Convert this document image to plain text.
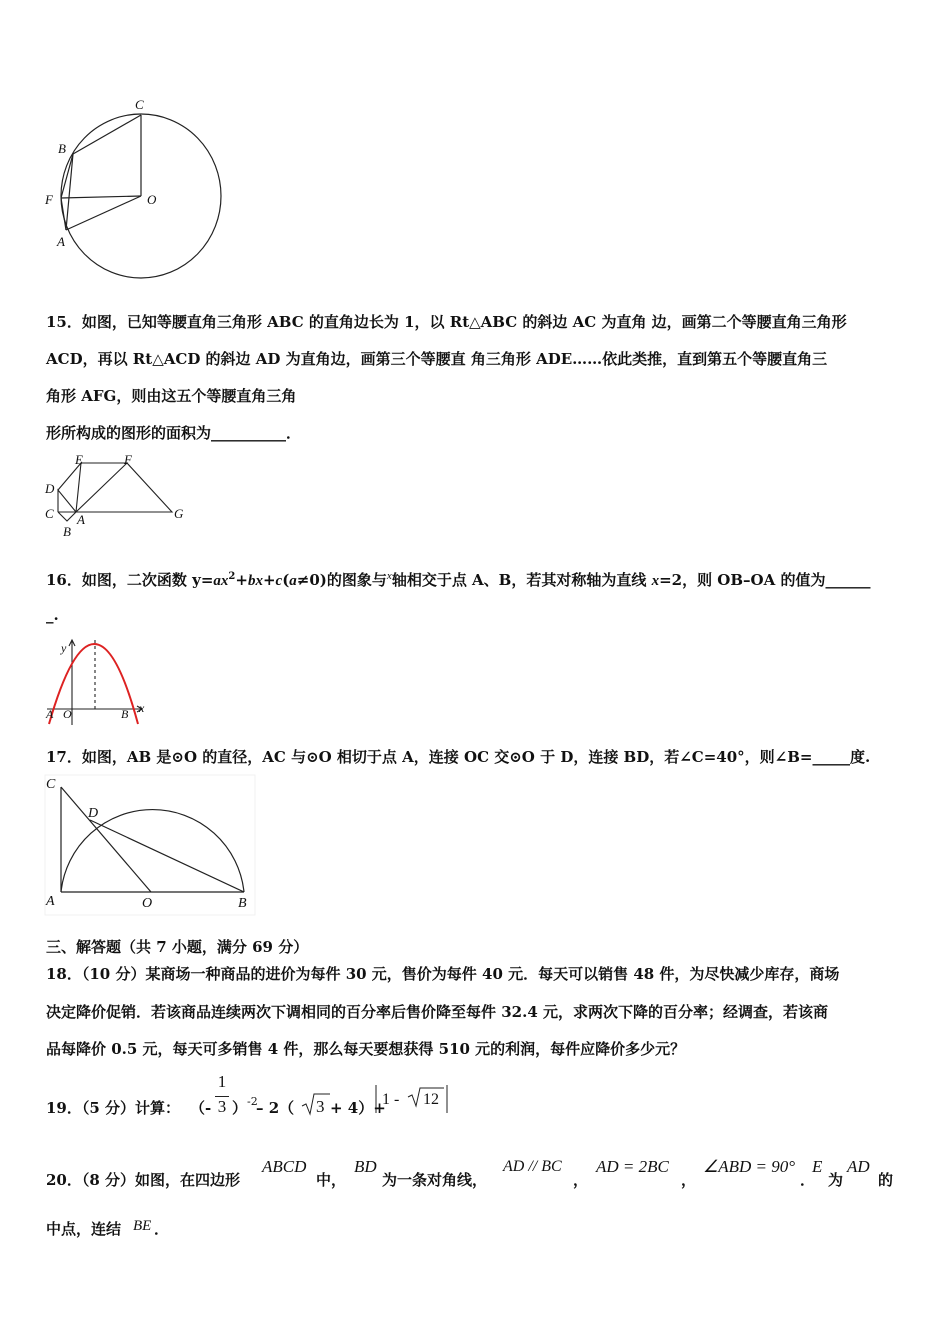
C
B
F	O
A
15．如图，已知等腰直角三角形 ABC 的直角边长为 1，以 Rt△ABC 的斜边 AC 为直角 边，画第二个等腰直角三角形
ACD，再以 Rt△ACD 的斜边 AD 为直角边，画第三个等腰直 角三角形 ADE……依此类推，直到第五个等腰直角三
角形 AFG，则由这五个等腰直角三角
形所构成的图形的面积为__________．
E	F
D
C A	G
B
16．如图，二次函数 $y=ax^2+bx+c(a\ne 0)$的图象与$^x$轴相交于点 A、B，若其对称轴为直线 x=2，则 OB–OA 的值为______
_.
y
x
A O	B
17．如图，AB 是⊙O 的直径，AC 与⊙O 相切于点 A，连接 OC 交⊙O 于 D，连接 BD，若∠C=40°，则∠B=_____度.
C
D
A	O	B
三、解答题（共 7 小题，满分 69 分）
18．（10 分）某商场一种商品的进价为每件 30 元，售价为每件 40 元．每天可以销售 48 件，为尽快减少库存，商场
决定降价促销．若该商品连续两次下调相同的百分率后售价降至每件 32.4 元，求两次下降的百分率；经调查，若该商
品每降价 0.5 元，每天可多销售 4 件，那么每天要想获得 510 元的利润，每件应降价多少元？
19．（5 分）计算： （-
1
3 ） -2
– 2（ 3 + 4）+
1 - 12
20．（8 分）如图，在四边形
ABCD
中，
BD
为一条对角线，
AD // BC
，
AD = 2BC
，
∠ABD = 90°
．
E
为
AD
的
中点，连结 BE ．
